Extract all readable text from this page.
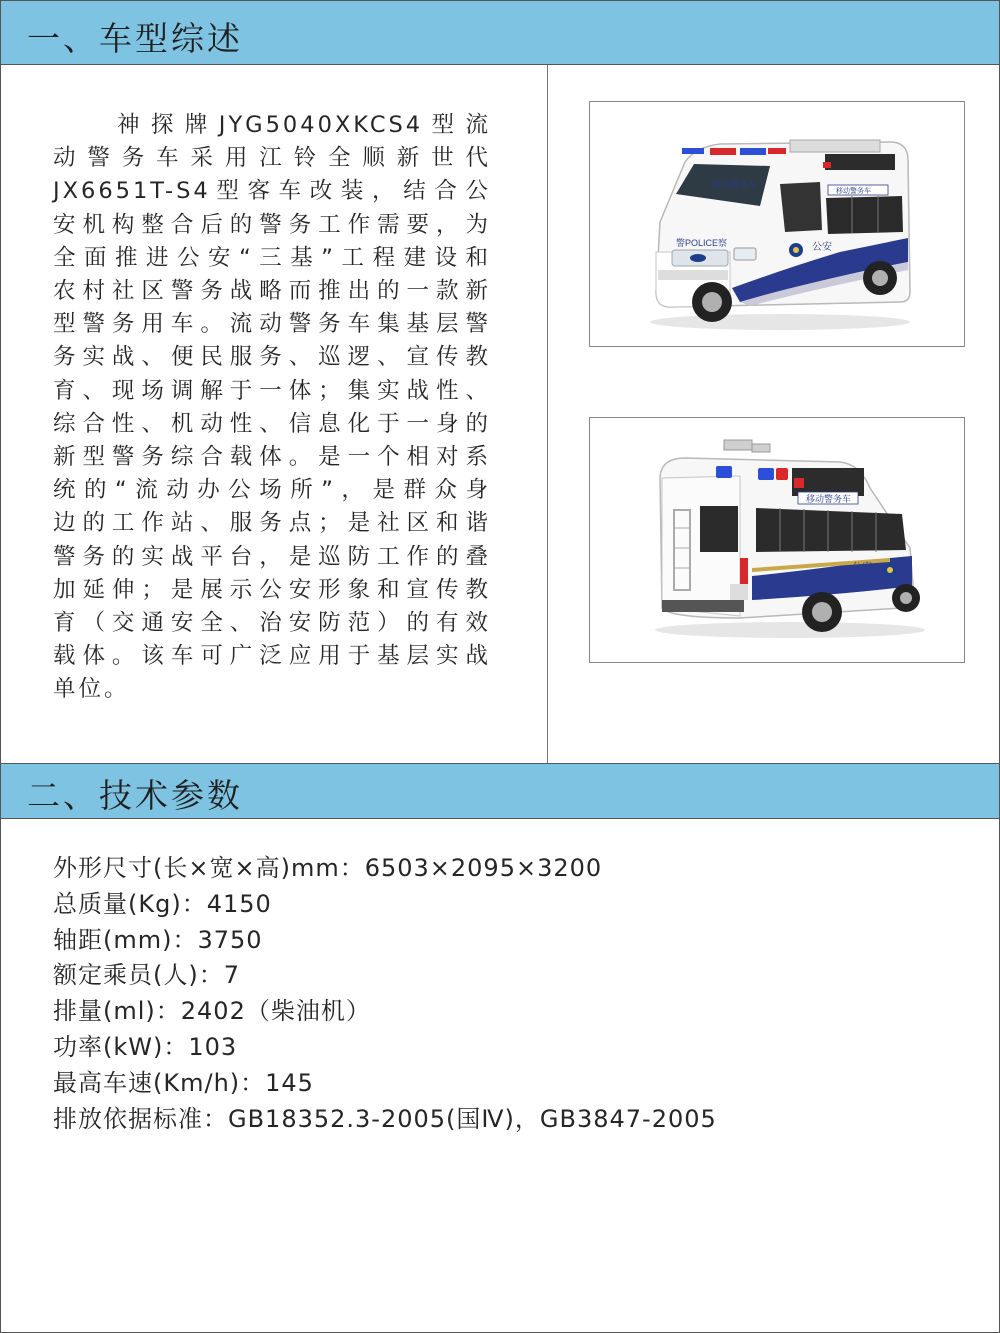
一、车型综述
神探牌JYG5040XKCS4型流
动警务车采用江铃全顺新世代
JX6651T-S4型客车改装，结合公
安机构整合后的警务工作需要，为
全面推进公安“三基”工程建设和
农村社区警务战略而推出的一款新
型警务用车。流动警务车集基层警
务实战、便民服务、巡逻、宣传教
育、现场调解于一体；集实战性、
综合性、机动性、信息化于一身的
新型警务综合载体。是一个相对系
统的“流动办公场所”，是群众身
边的工作站、服务点；是社区和谐
警务的实战平台，是巡防工作的叠
加延伸；是展示公安形象和宣传教
育（交通安全、治安防范）的有效
载体。该车可广泛应用于基层实战
单位。
移动警务车
移动警务车
警POLICE察	公安
移动警务车
公安
二、技术参数
外形尺寸(长×宽×高)mm：6503×2095×3200
总质量(Kg)：4150
轴距(mm)：3750
额定乘员(人)：7
排量(ml)：2402（柴油机）
功率(kW)：103
最高车速(Km/h)：145
排放依据标准：GB18352.3-2005(国Ⅳ)，GB3847-2005
